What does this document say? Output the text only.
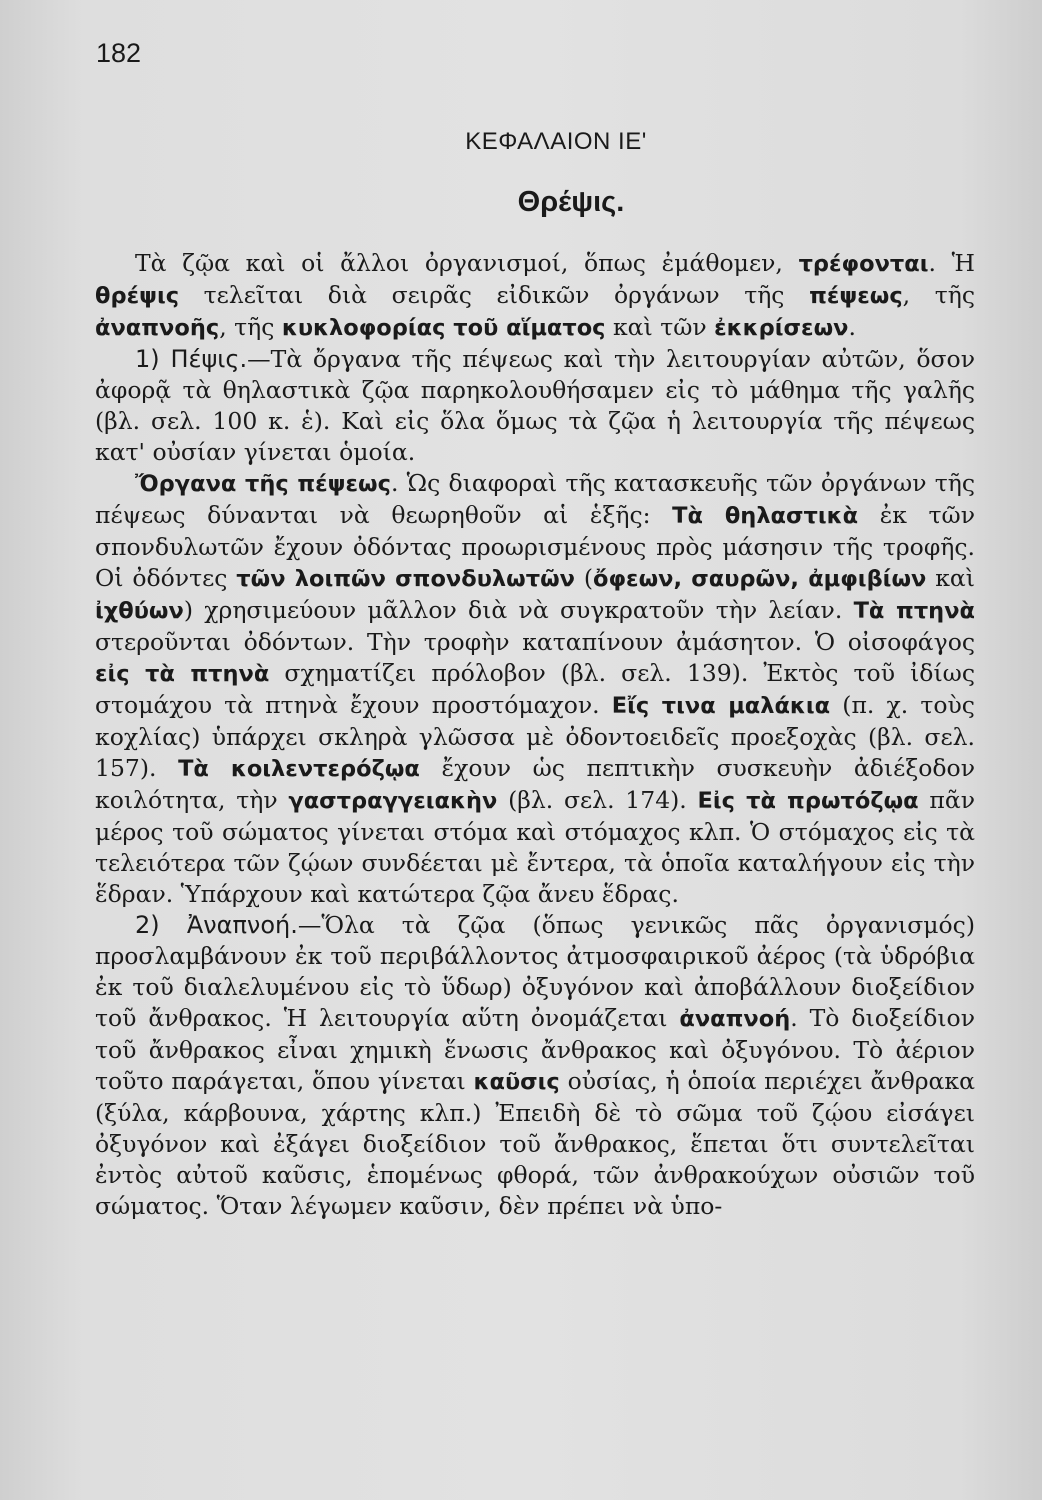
182
ΚΕΦΑΛΑΙΟΝ ΙΕ'
Θρέψις.

Τὰ ζῷα καὶ οἱ ἄλλοι ὀργανισμοί, ὅπως ἐμάθομεν, τρέφονται. Ἡ θρέψις τελεῖται διὰ σειρᾶς εἰδικῶν ὀργάνων τῆς πέψεως, τῆς ἀναπνοῆς, τῆς κυκλοφορίας τοῦ αἵματος καὶ τῶν ἐκκρίσεων.

1) Πέψις.—Τὰ ὄργανα τῆς πέψεως καὶ τὴν λειτουργίαν αὐτῶν, ὅσον ἀφορᾷ τὰ θηλαστικὰ ζῷα παρηκολουθήσαμεν εἰς τὸ μάθημα τῆς γαλῆς (βλ. σελ. 100 κ. ἑ). Καὶ εἰς ὅλα ὅμως τὰ ζῷα ἡ λειτουργία τῆς πέψεως κατ' οὐσίαν γίνεται ὁμοία.

Ὄργανα τῆς πέψεως. Ὡς διαφοραὶ τῆς κατασκευῆς τῶν ὀργάνων τῆς πέψεως δύνανται νὰ θεωρηθοῦν αἱ ἑξῆς: Τὰ θηλαστικὰ ἐκ τῶν σπονδυλωτῶν ἔχουν ὀδόντας προωρισμένους πρὸς μάσησιν τῆς τροφῆς. Οἱ ὀδόντες τῶν λοιπῶν σπονδυλωτῶν (ὄφεων, σαυρῶν, ἀμφιβίων καὶ ἰχθύων) χρησιμεύουν μᾶλλον διὰ νὰ συγκρατοῦν τὴν λείαν. Τὰ πτηνὰ στεροῦνται ὀδόντων. Τὴν τροφὴν καταπίνουν ἀμάσητον. Ὁ οἰσοφάγος εἰς τὰ πτηνὰ σχηματίζει πρόλοβον (βλ. σελ. 139). Ἐκτὸς τοῦ ἰδίως στομάχου τὰ πτηνὰ ἔχουν προστόμαχον. Εἴς τινα μαλάκια (π. χ. τοὺς κοχλίας) ὑπάρχει σκληρὰ γλῶσσα μὲ ὀδοντοειδεῖς προεξοχὰς (βλ. σελ. 157). Τὰ κοιλεντερόζῳα ἔχουν ὡς πεπτικὴν συσκευὴν ἀδιέξοδον κοιλότητα, τὴν γαστραγγειακὴν (βλ. σελ. 174). Εἰς τὰ πρωτόζῳα πᾶν μέρος τοῦ σώματος γίνεται στόμα καὶ στόμαχος κλπ. Ὁ στόμαχος εἰς τὰ τελειότερα τῶν ζῴων συνδέεται μὲ ἔντερα, τὰ ὁποῖα καταλήγουν εἰς τὴν ἕδραν. Ὑπάρχουν καὶ κατώτερα ζῷα ἄνευ ἕδρας.

2) Ἀναπνοή.—Ὅλα τὰ ζῷα (ὅπως γενικῶς πᾶς ὀργανισμός) προσλαμβάνουν ἐκ τοῦ περιβάλλοντος ἀτμοσφαιρικοῦ ἀέρος (τὰ ὑδρόβια ἐκ τοῦ διαλελυμένου εἰς τὸ ὕδωρ) ὀξυγόνον καὶ ἀποβάλλουν διοξείδιον τοῦ ἄνθρακος. Ἡ λειτουργία αὕτη ὀνομάζεται ἀναπνοή. Τὸ διοξείδιον τοῦ ἄνθρακος εἶναι χημικὴ ἕνωσις ἄνθρακος καὶ ὀξυγόνου. Τὸ ἀέριον τοῦτο παράγεται, ὅπου γίνεται καῦσις οὐσίας, ἡ ὁποία περιέχει ἄνθρακα (ξύλα, κάρβουνα, χάρτης κλπ.) Ἐπειδὴ δὲ τὸ σῶμα τοῦ ζῴου εἰσάγει ὀξυγόνον καὶ ἐξάγει διοξείδιον τοῦ ἄνθρακος, ἕπεται ὅτι συντελεῖται ἐντὸς αὐτοῦ καῦσις, ἑπομένως φθορά, τῶν ἀνθρακούχων οὐσιῶν τοῦ σώματος. Ὅταν λέγωμεν καῦσιν, δὲν πρέπει νὰ ὑπο-
